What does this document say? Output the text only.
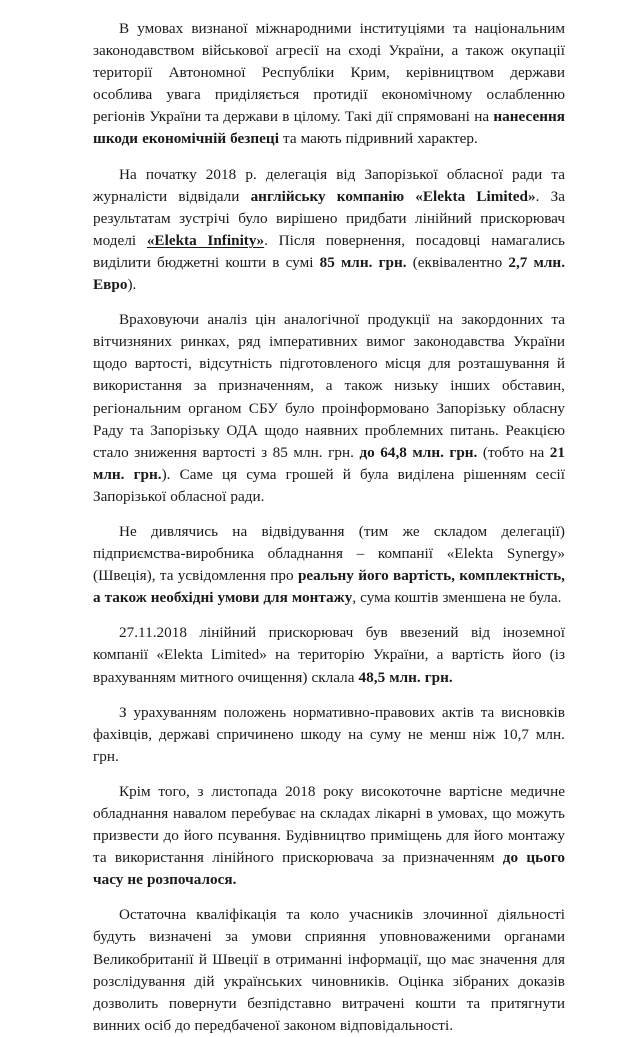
В умовах визнаної міжнародними інституціями та національним законодавством військової агресії на сході України, а також окупації території Автономної Республіки Крим, керівництвом держави особлива увага приділяється протидії економічному ослабленню регіонів України та держави в цілому. Такі дії спрямовані на нанесення шкоди економічній безпеці та мають підривний характер.

На початку 2018 р. делегація від Запорізької обласної ради та журналісти відвідали англійську компанію «Elekta Limited». За результатам зустрічі було вирішено придбати лінійний прискорювач моделі «Elekta Infinity». Після повернення, посадовці намагались виділити бюджетні кошти в сумі 85 млн. грн. (еквівалентно 2,7 млн. Евро).

Враховуючи аналіз цін аналогічної продукції на закордонних та вітчизняних ринках, ряд імперативних вимог законодавства України щодо вартості, відсутність підготовленого місця для розташування й використання за призначенням, а також низьку інших обставин, регіональним органом СБУ було проінформовано Запорізьку обласну Раду та Запорізьку ОДА щодо наявних проблемних питань. Реакцією стало зниження вартості з 85 млн. грн. до 64,8 млн. грн. (тобто на 21 млн. грн.). Саме ця сума грошей й була виділена рішенням сесії Запорізької обласної ради.

Не дивлячись на відвідування (тим же складом делегації) підприємства-виробника обладнання – компанії «Elekta Synergy» (Швеція), та усвідомлення про реальну його вартість, комплектність, а також необхідні умови для монтажу, сума коштів зменшена не була.

27.11.2018 лінійний прискорювач був ввезений від іноземної компанії «Elekta Limited» на територію України, а вартість його (із врахуванням митного очищення) склала 48,5 млн. грн.

З урахуванням положень нормативно-правових актів та висновків фахівців, державі спричинено шкоду на суму не менш ніж 10,7 млн. грн.

Крім того, з листопада 2018 року високоточне вартісне медичне обладнання навалом перебуває на складах лікарні в умовах, що можуть призвести до його псування. Будівництво приміщень для його монтажу та використання лінійного прискорювача за призначенням до цього часу не розпочалося.

Остаточна кваліфікація та коло учасників злочинної діяльності будуть визначені за умови сприяння уповноваженими органами Великобританії й Швеції в отриманні інформації, що має значення для розслідування дій українських чиновників. Оцінка зібраних доказів дозволить повернути безпідставно витрачені кошти та притягнути винних осіб до передбаченої законом відповідальності.
